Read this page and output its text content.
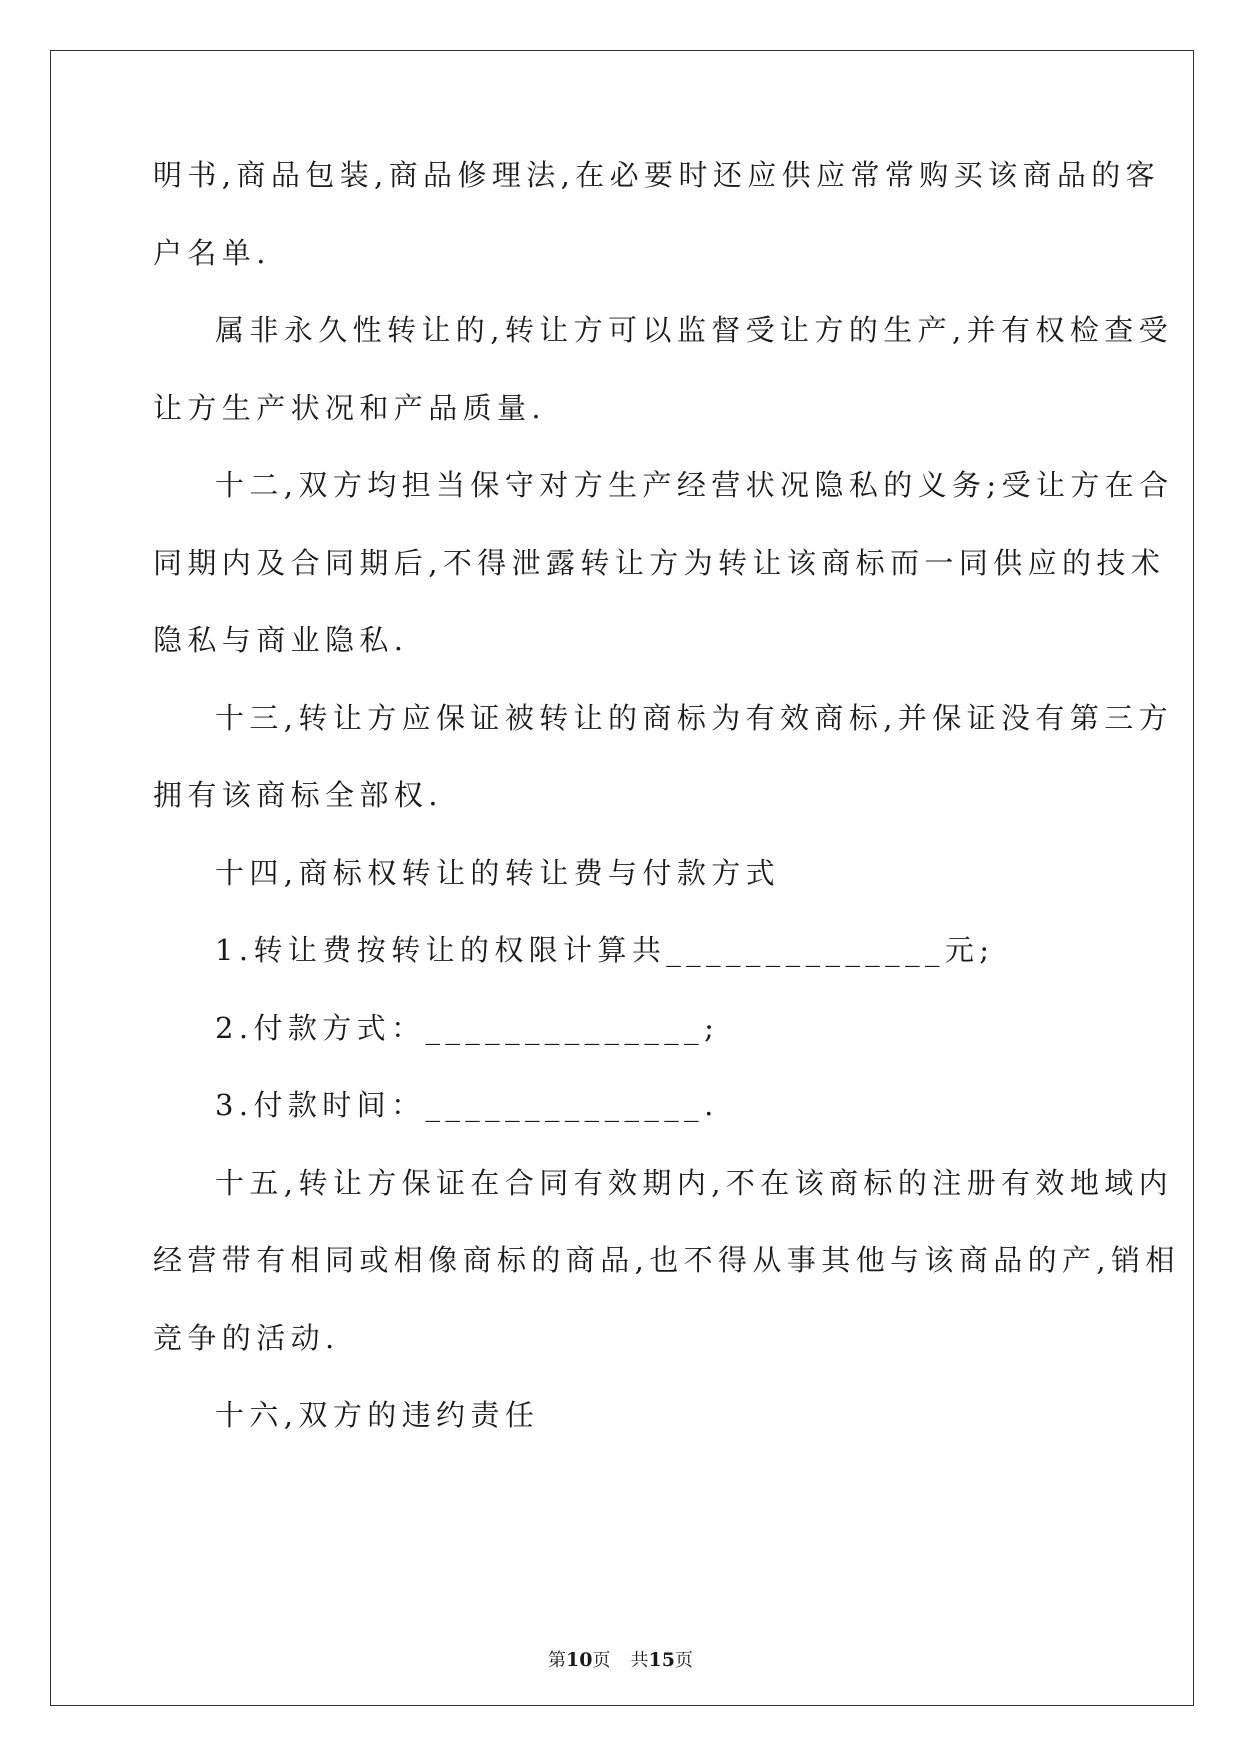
明书,商品包装,商品修理法,在必要时还应供应常常购买该商品的客
户名单.
属非永久性转让的,转让方可以监督受让方的生产,并有权检查受
让方生产状况和产品质量.
十二,双方均担当保守对方生产经营状况隐私的义务;受让方在合
同期内及合同期后,不得泄露转让方为转让该商标而一同供应的技术
隐私与商业隐私.
十三,转让方应保证被转让的商标为有效商标,并保证没有第三方
拥有该商标全部权.
十四,商标权转让的转让费与付款方式
1.转让费按转让的权限计算共______________元;
2.付款方式：______________;
3.付款时间：______________.
十五,转让方保证在合同有效期内,不在该商标的注册有效地域内
经营带有相同或相像商标的商品,也不得从事其他与该商品的产,销相
竞争的活动.
十六,双方的违约责任
第10页 共15页
